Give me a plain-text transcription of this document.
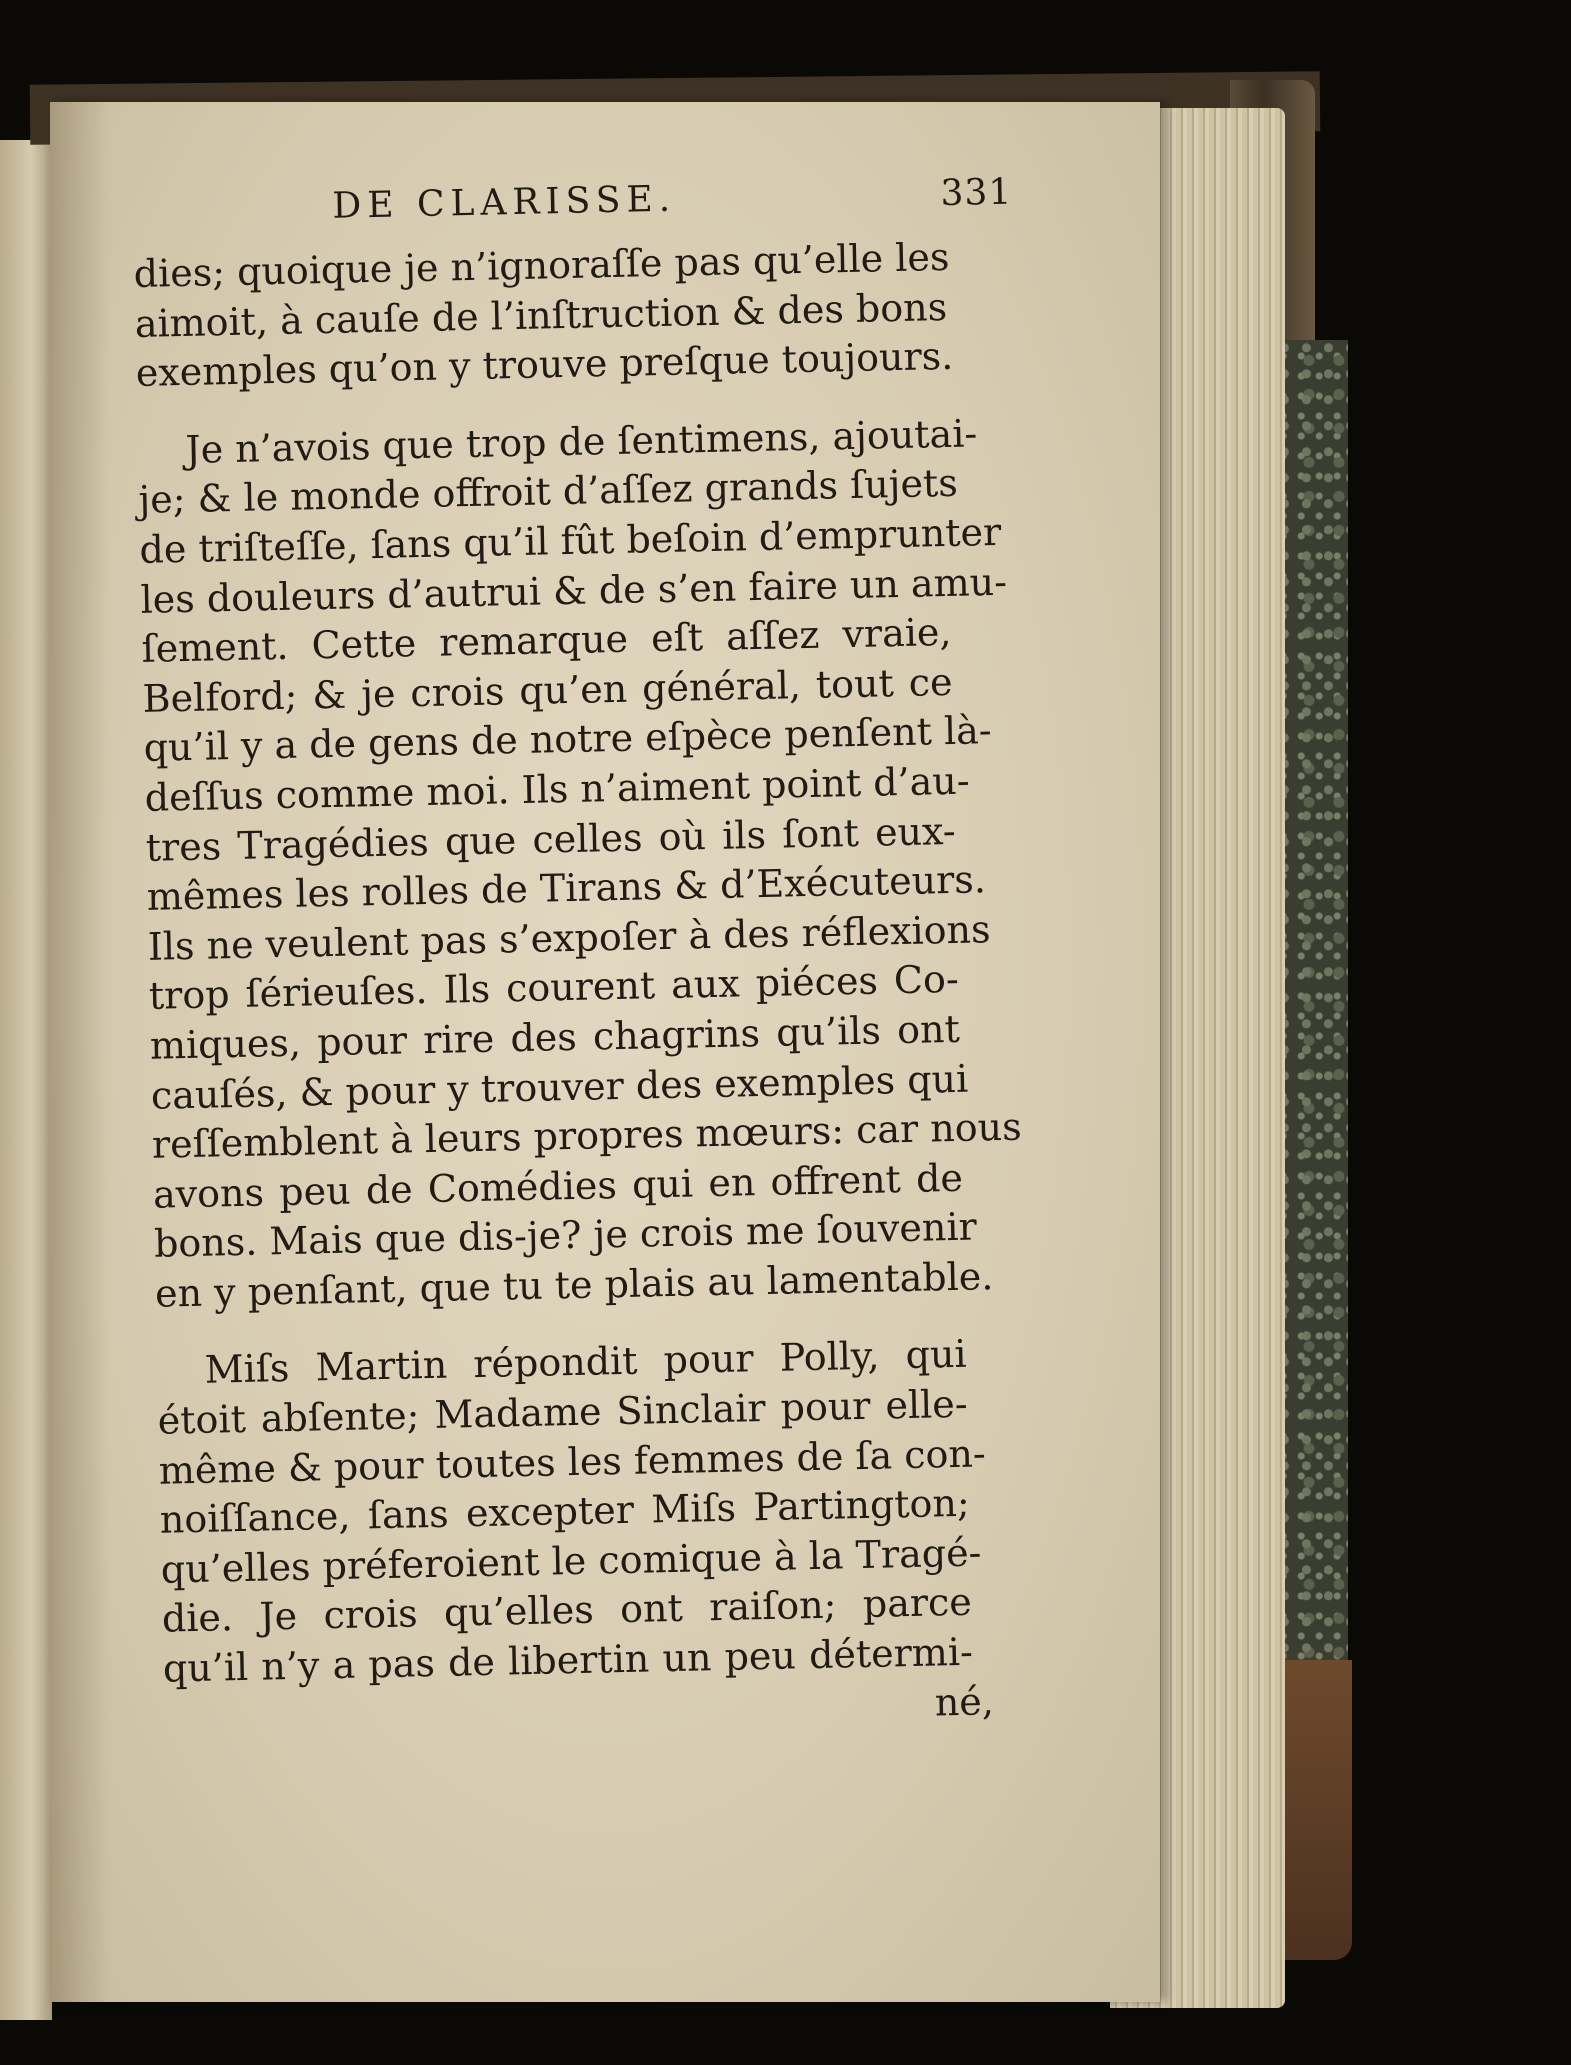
DE CLARISSE.	331
dies; quoique je n’ignoraſſe pas qu’elle les
aimoit, à cauſe de l’inſtruction & des bons
exemples qu’on y trouve preſque toujours.
Je n’avois que trop de ſentimens, ajoutai-
je; & le monde offroit d’aſſez grands ſujets
de triſteſſe, ſans qu’il fût beſoin d’emprunter
les douleurs d’autrui & de s’en faire un amu-
ſement. Cette remarque eſt aſſez vraie,
Belford; & je crois qu’en général, tout ce
qu’il y a de gens de notre eſpèce penſent là-
deſſus comme moi. Ils n’aiment point d’au-
tres Tragédies que celles où ils ſont eux-
mêmes les rolles de Tirans & d’Exécuteurs.
Ils ne veulent pas s’expoſer à des réflexions
trop ſérieuſes. Ils courent aux piéces Co-
miques, pour rire des chagrins qu’ils ont
cauſés, & pour y trouver des exemples qui
reſſemblent à leurs propres mœurs: car nous
avons peu de Comédies qui en offrent de
bons. Mais que dis-je? je crois me ſouvenir
en y penſant, que tu te plais au lamentable.
Miſs Martin répondit pour Polly, qui
étoit abſente; Madame Sinclair pour elle-
même & pour toutes les femmes de ſa con-
noiſſance, ſans excepter Miſs Partington;
qu’elles préferoient le comique à la Tragé-
die. Je crois qu’elles ont raiſon; parce
qu’il n’y a pas de libertin un peu détermi-
né,
